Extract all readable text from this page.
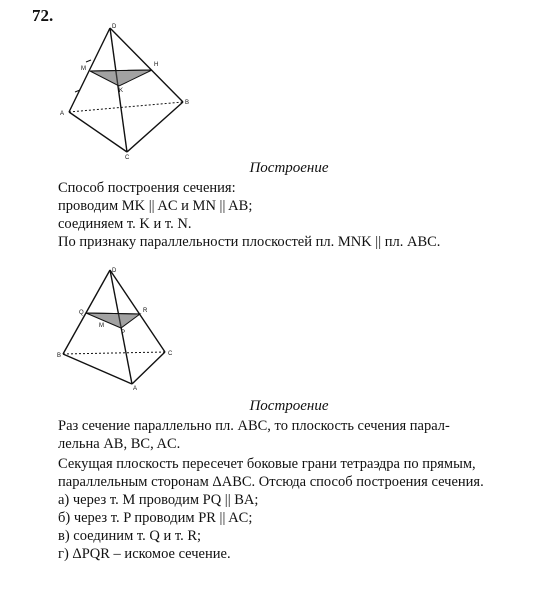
72.
D
M
H
K
A
B
C
Построение
Способ построения сечения:
проводим MK || AC и MN || AB;
соединяем т. K и т. N.
По признаку параллельности плоскостей пл. MNK || пл. ABC.
D
Q	R
M
P
B	C
A
Построение
Раз сечение параллельно пл. ABC, то плоскость сечения парал-
лельна AB, BC, AC.
Секущая плоскость пересечет боковые грани тетраэдра по прямым,
параллельным сторонам ΔABC. Отсюда способ построения сечения.
а) через т. M проводим PQ || BA;
б) через т. P проводим PR || AC;
в) соединим т. Q и т. R;
г) ΔPQR – искомое сечение.
